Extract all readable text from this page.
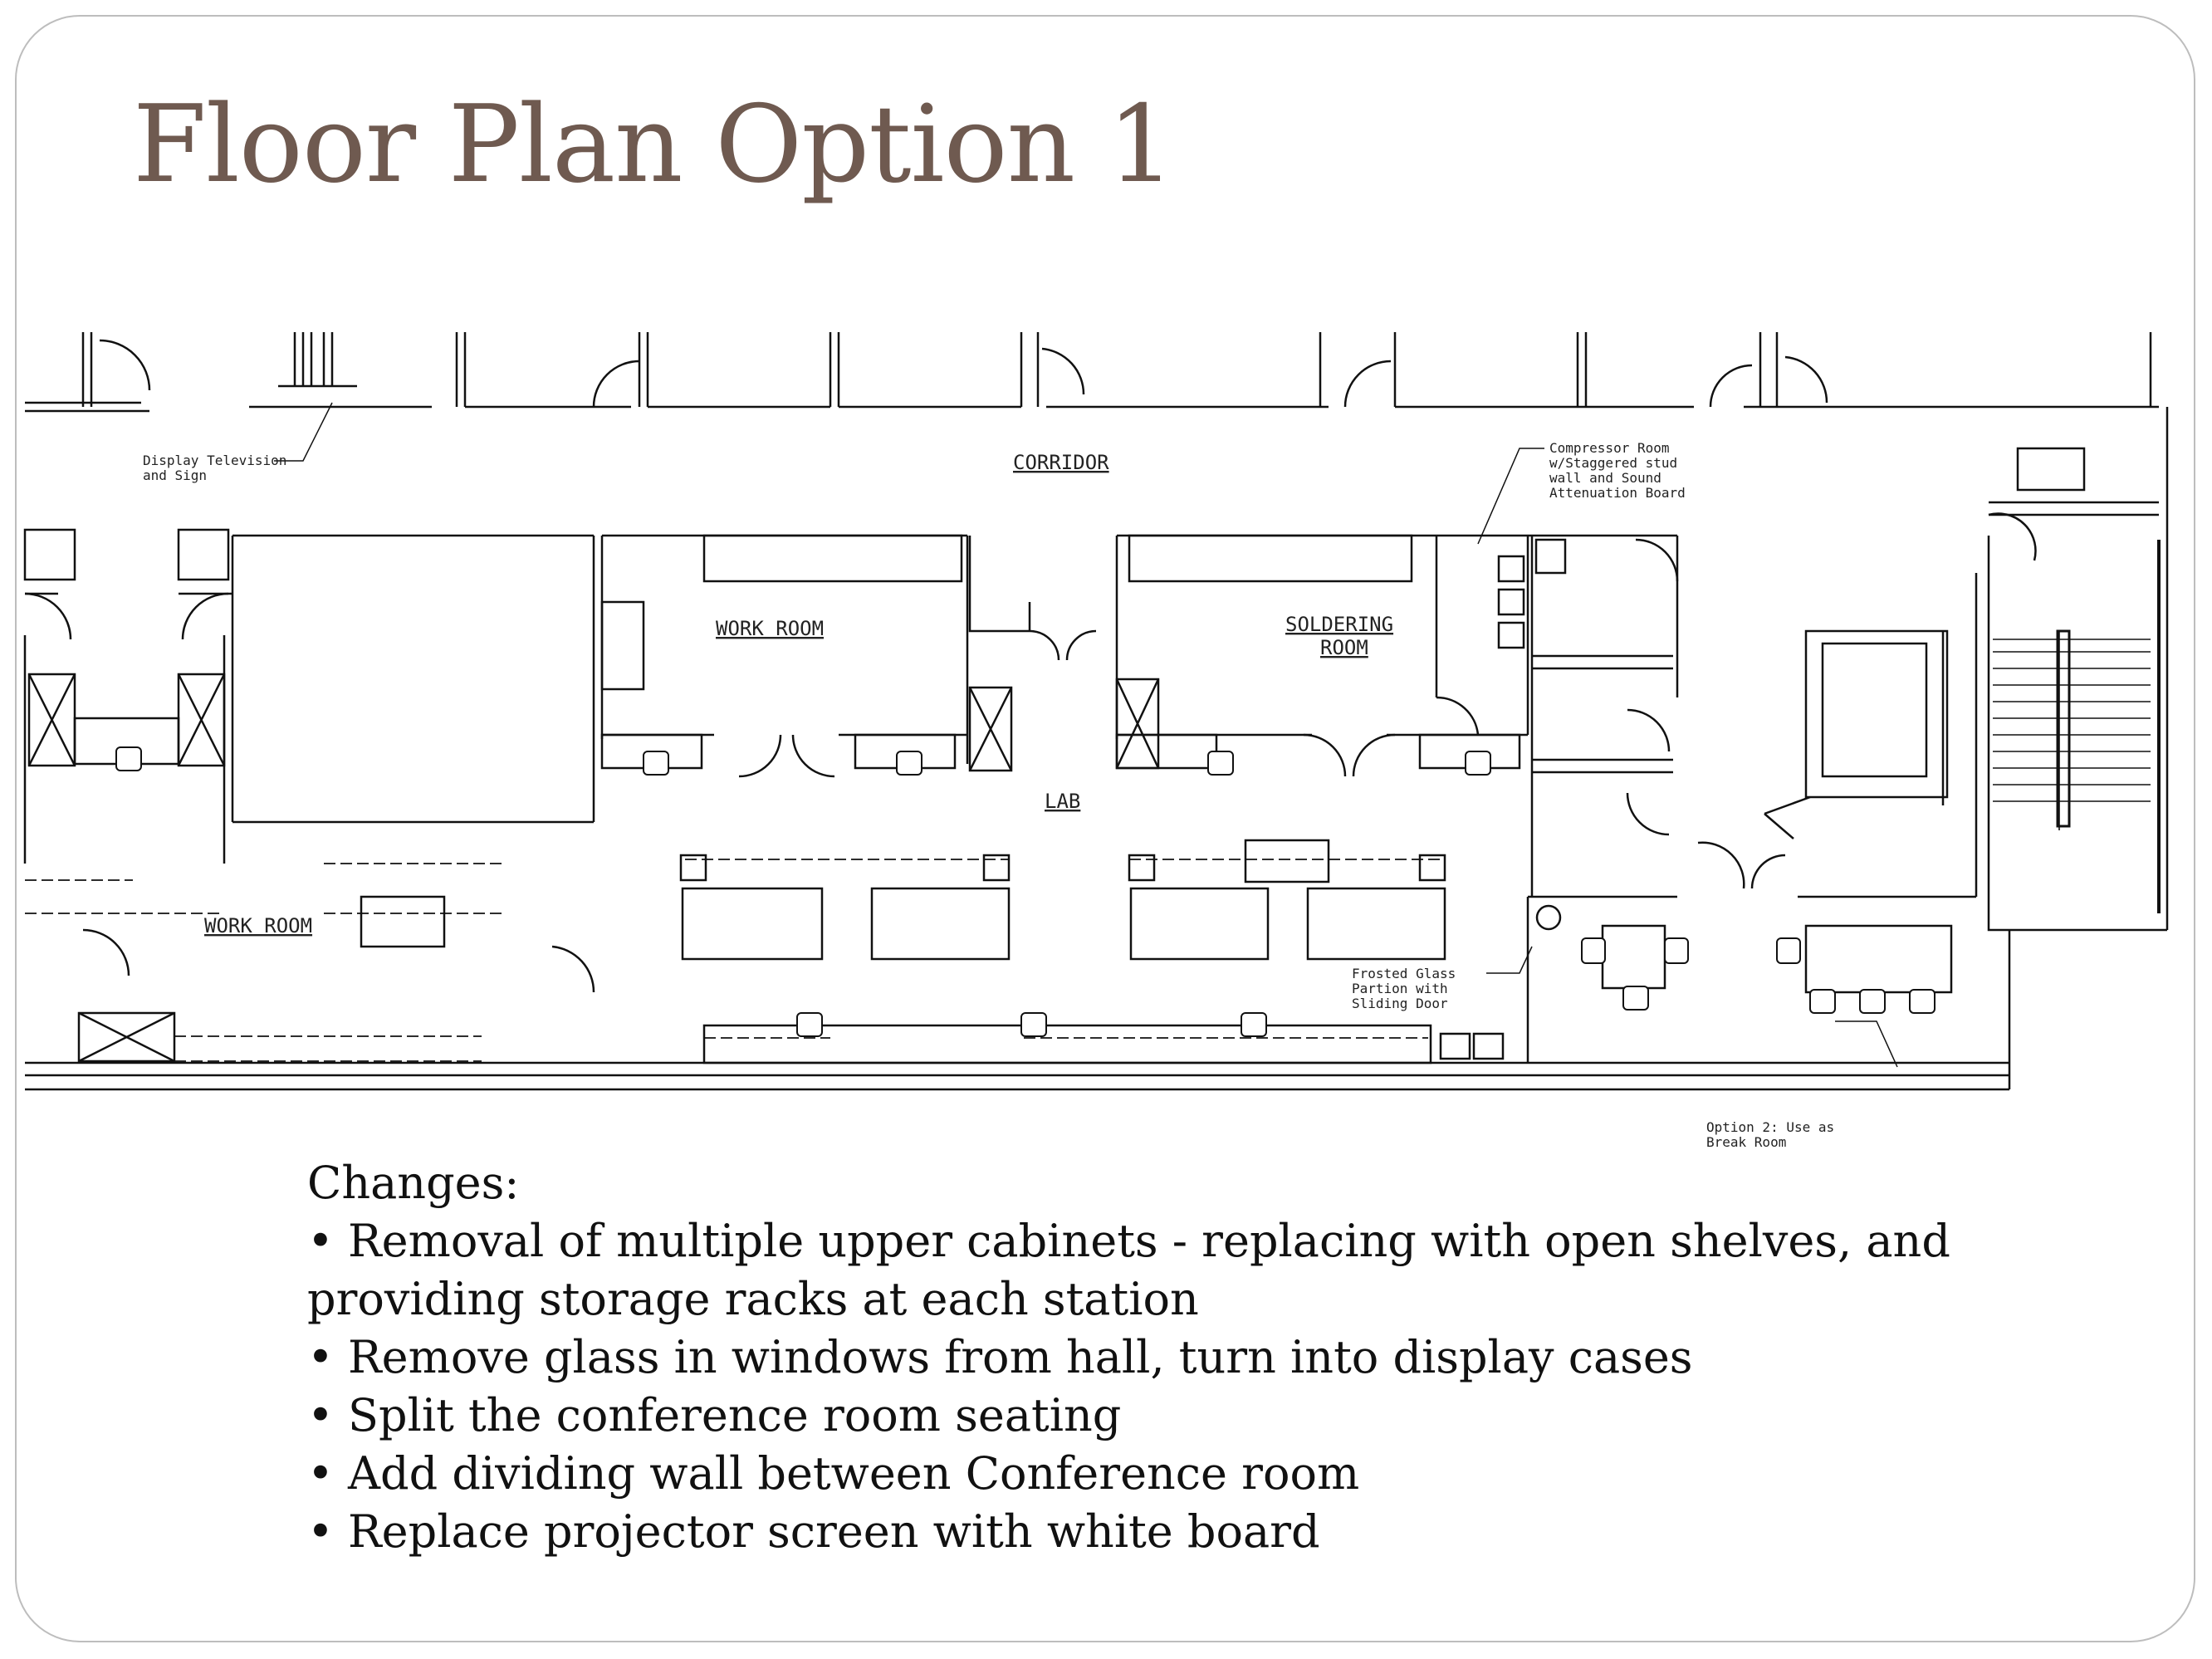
Floor Plan Option 1
CORRIDOR
WORK ROOM	SOLDERING
ROOM
LAB
WORK ROOM
Display Television
and Sign
Compressor Room
w/Staggered stud
wall and Sound
Attenuation Board
Frosted Glass
Partion with
Sliding Door
Option 2: Use as
Break Room
Changes:
• Removal of multiple upper cabinets - replacing with open shelves, and
providing storage racks at each station
• Remove glass in windows from hall, turn into display cases
• Split the conference room seating
• Add dividing wall between Conference room
• Replace projector screen with white board
